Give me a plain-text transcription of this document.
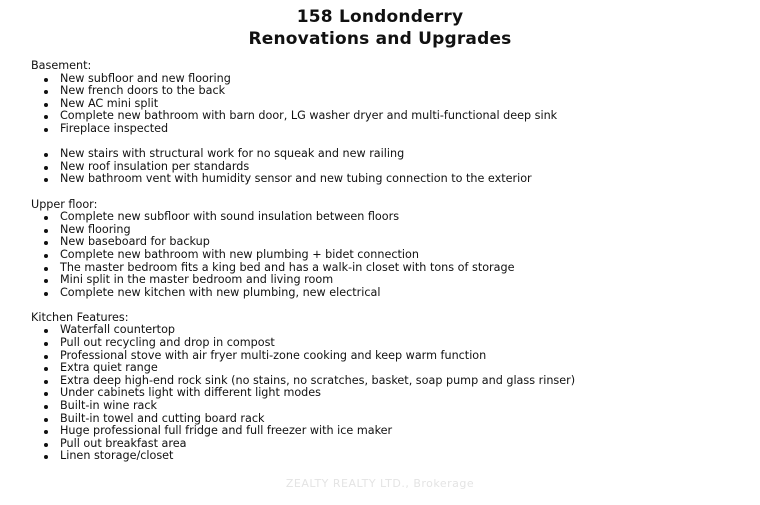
158 Londonderry
Renovations and Upgrades

Basement:

New subfloor and new flooring
New french doors to the back
New AC mini split
Complete new bathroom with barn door, LG washer dryer and multi-functional deep sink
Fireplace inspected
New stairs with structural work for no squeak and new railing
New roof insulation per standards
New bathroom vent with humidity sensor and new tubing connection to the exterior

Upper floor:

Complete new subfloor with sound insulation between floors
New flooring
New baseboard for backup
Complete new bathroom with new plumbing + bidet connection
The master bedroom fits a king bed and has a walk-in closet with tons of storage
Mini split in the master bedroom and living room
Complete new kitchen with new plumbing, new electrical

Kitchen Features:

Waterfall countertop
Pull out recycling and drop in compost
Professional stove with air fryer multi-zone cooking and keep warm function
Extra quiet range
Extra deep high-end rock sink (no stains, no scratches, basket, soap pump and glass rinser)
Under cabinets light with different light modes
Built-in wine rack
Built-in towel and cutting board rack
Huge professional full fridge and full freezer with ice maker
Pull out breakfast area
Linen storage/closet
ZEALTY REALTY LTD., Brokerage
